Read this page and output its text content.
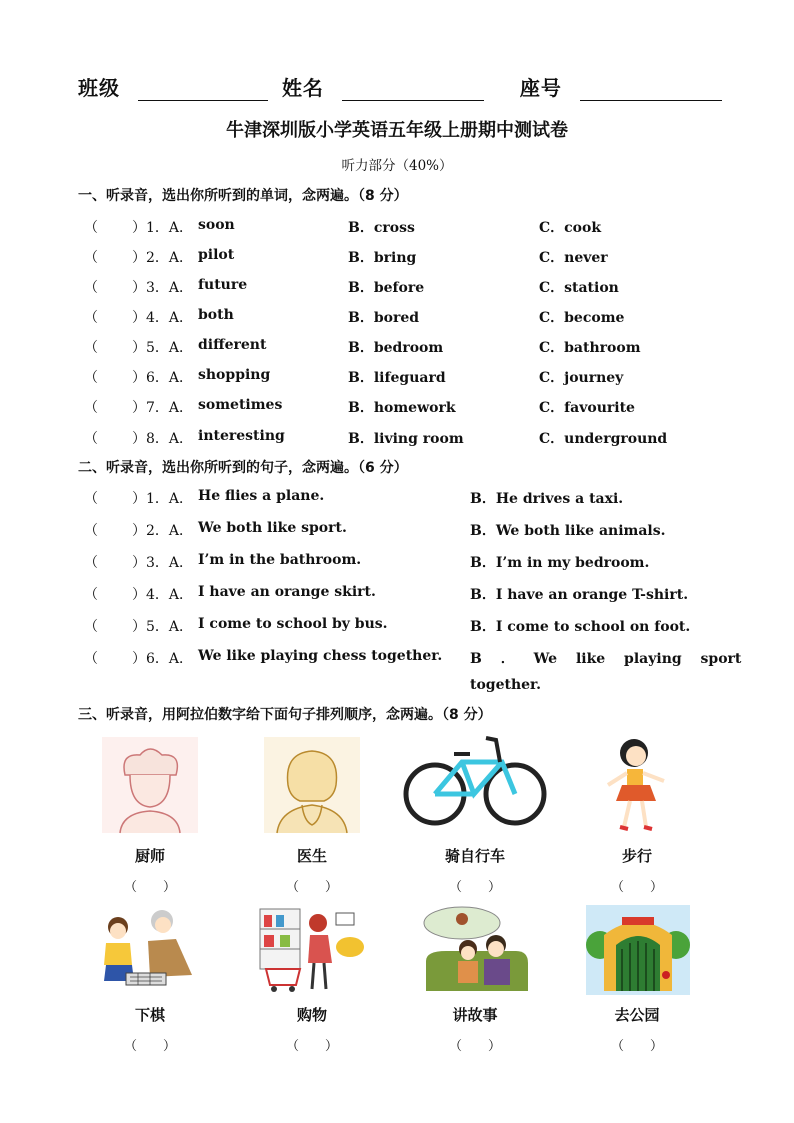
班级	姓名	座号
牛津深圳版小学英语五年级上册期中测试卷
听力部分（40%）
一、听录音，选出你所听到的单词，念两遍。（8 分）
（ ） 1．A． soon	B．cross	C．cook
（ ） 2．A． pilot	B．bring	C．never
（ ） 3．A． future	B．before	C．station
（ ） 4．A． both	B．bored	C．become
（ ） 5．A． different	B．bedroom	C．bathroom
（ ） 6．A． shopping	B．lifeguard	C．journey
（ ） 7．A． sometimes	B．homework	C．favourite
（ ） 8．A． interesting	B．living room	C．underground
二、听录音，选出你所听到的句子，念两遍。（6 分）
（ ） 1．A． He flies a plane.	B．He drives a taxi.
（ ） 2．A． We both like sport.	B．We both like animals.
（ ） 3．A． I’m in the bathroom.	B．I’m in my bedroom.
（ ） 4．A． I have an orange skirt.	B．I have an orange T-shirt.
（ ） 5．A． I come to school by bus.	B．I come to school on foot.
（ ） 6．A． We like playing chess together. B ． We like playing sport
together.
三、听录音，用阿拉伯数字给下面句子排列顺序，念两遍。（8 分）
厨师	医生	骑自行车	步行
（　　）	（　　）	（　　）	（　　）
下棋	购物	讲故事	去公园
（　　）	（　　）	（　　）	（　　）
